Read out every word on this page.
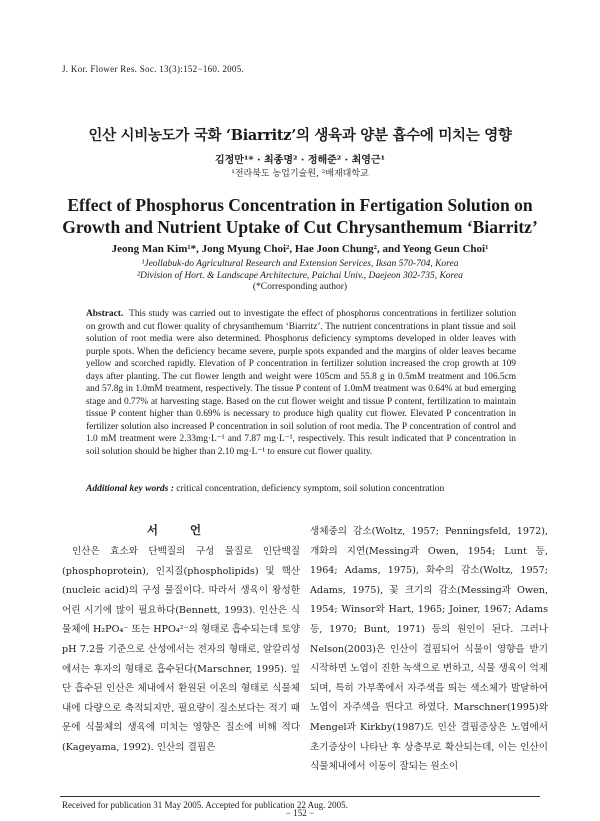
J. Kor. Flower Res. Soc. 13(3):152−160. 2005.
인산 시비농도가 국화 ‘Biarritz’의 생육과 양분 흡수에 미치는 영향
김정만¹* · 최종명² · 정해준² · 최영근¹
¹전라북도 농업기술원, ²배재대학교
Effect of Phosphorus Concentration in Fertigation Solution on
Growth and Nutrient Uptake of Cut Chrysanthemum ‘Biarritz’
Jeong Man Kim¹*, Jong Myung Choi², Hae Joon Chung², and Yeong Geun Choi¹
¹Jeollabuk-do Agricultural Research and Extension Services, Iksan 570-704, Korea
²Division of Hort. & Landscape Architecture, Paichai Univ., Daejeon 302-735, Korea
(*Corresponding author)
Abstract. This study was carried out to investigate the effect of phosphorus concentrations in fertilizer solution on growth and cut flower quality of chrysanthemum ‘Biarritz’. The nutrient concentrations in plant tissue and soil solution of root media were also determined. Phosphorus deficiency symptoms developed in older leaves with purple spots. When the deficiency became severe, purple spots expanded and the margins of older leaves became yellow and scorched rapidly. Elevation of P concentration in fertilizer solution increased the crop growth at 109 days after planting. The cut flower length and weight were 105cm and 55.8 g in 0.5mM treatment and 106.5cm and 57.8g in 1.0mM treatment, respectively. The tissue P content of 1.0mM treatment was 0.64% at bud emerging stage and 0.77% at harvesting stage. Based on the cut flower weight and tissue P content, fertilization to maintain tissue P content higher than 0.69% is necessary to produce high quality cut flower. Elevated P concentration in fertilizer solution also increased P concentration in soil solution of root media. The P concentration of control and 1.0 mM treatment were 2.33mg·L⁻¹ and 7.87 mg·L⁻¹, respectively. This result indicated that P concentration in soil solution should be higher than 2.10 mg·L⁻¹ to ensure cut flower quality.
Additional key words : critical concentration, deficiency symptom, soil solution concentration
서 언

인산은 효소와 단백질의 구성 물질로 인단백질(phosphoprotein), 인지질(phospholipids) 및 핵산(nucleic acid)의 구성 물질이다. 따라서 생육이 왕성한 어린 시기에 많이 필요하다(Bennett, 1993). 인산은 식물체에 H₂PO₄⁻ 또는 HPO₄²⁻의 형태로 흡수되는데 토양 pH 7.2를 기준으로 산성에서는 전자의 형태로, 알칼리성에서는 후자의 형태로 흡수된다(Marschner, 1995). 일단 흡수된 인산은 체내에서 환원된 이온의 형태로 식물체 내에 다량으로 축적되지만, 필요량이 질소보다는 적기 때문에 식물체의 생육에 미치는 영향은 질소에 비해 적다(Kageyama, 1992). 인산의 결핍은

생체중의 감소(Woltz, 1957; Penningsfeld, 1972), 개화의 지연(Messing과 Owen, 1954; Lunt 등, 1964; Adams, 1975), 화수의 감소(Woltz, 1957; Adams, 1975), 꽃 크기의 감소(Messing과 Owen, 1954; Winsor와 Hart, 1965; Joiner, 1967; Adams 등, 1970; Bunt, 1971) 등의 원인이 된다. 그러나 Nelson(2003)은 인산이 결핍되어 식물이 영향을 받기 시작하면 노엽이 진한 녹색으로 변하고, 식물 생육이 억제되며, 특히 가부쪽에서 자주색을 띄는 색소체가 발달하여 노엽이 자주색을 띈다고 하였다. Marschner(1995)와 Mengel과 Kirkby(1987)도 인산 결핍증상은 노엽에서 초기증상이 나타난 후 상층부로 확산되는데, 이는 인산이 식물체내에서 이동이 잘되는 원소이

Received for publication 31 May 2005. Accepted for publication 22 Aug. 2005.
− 152 −
